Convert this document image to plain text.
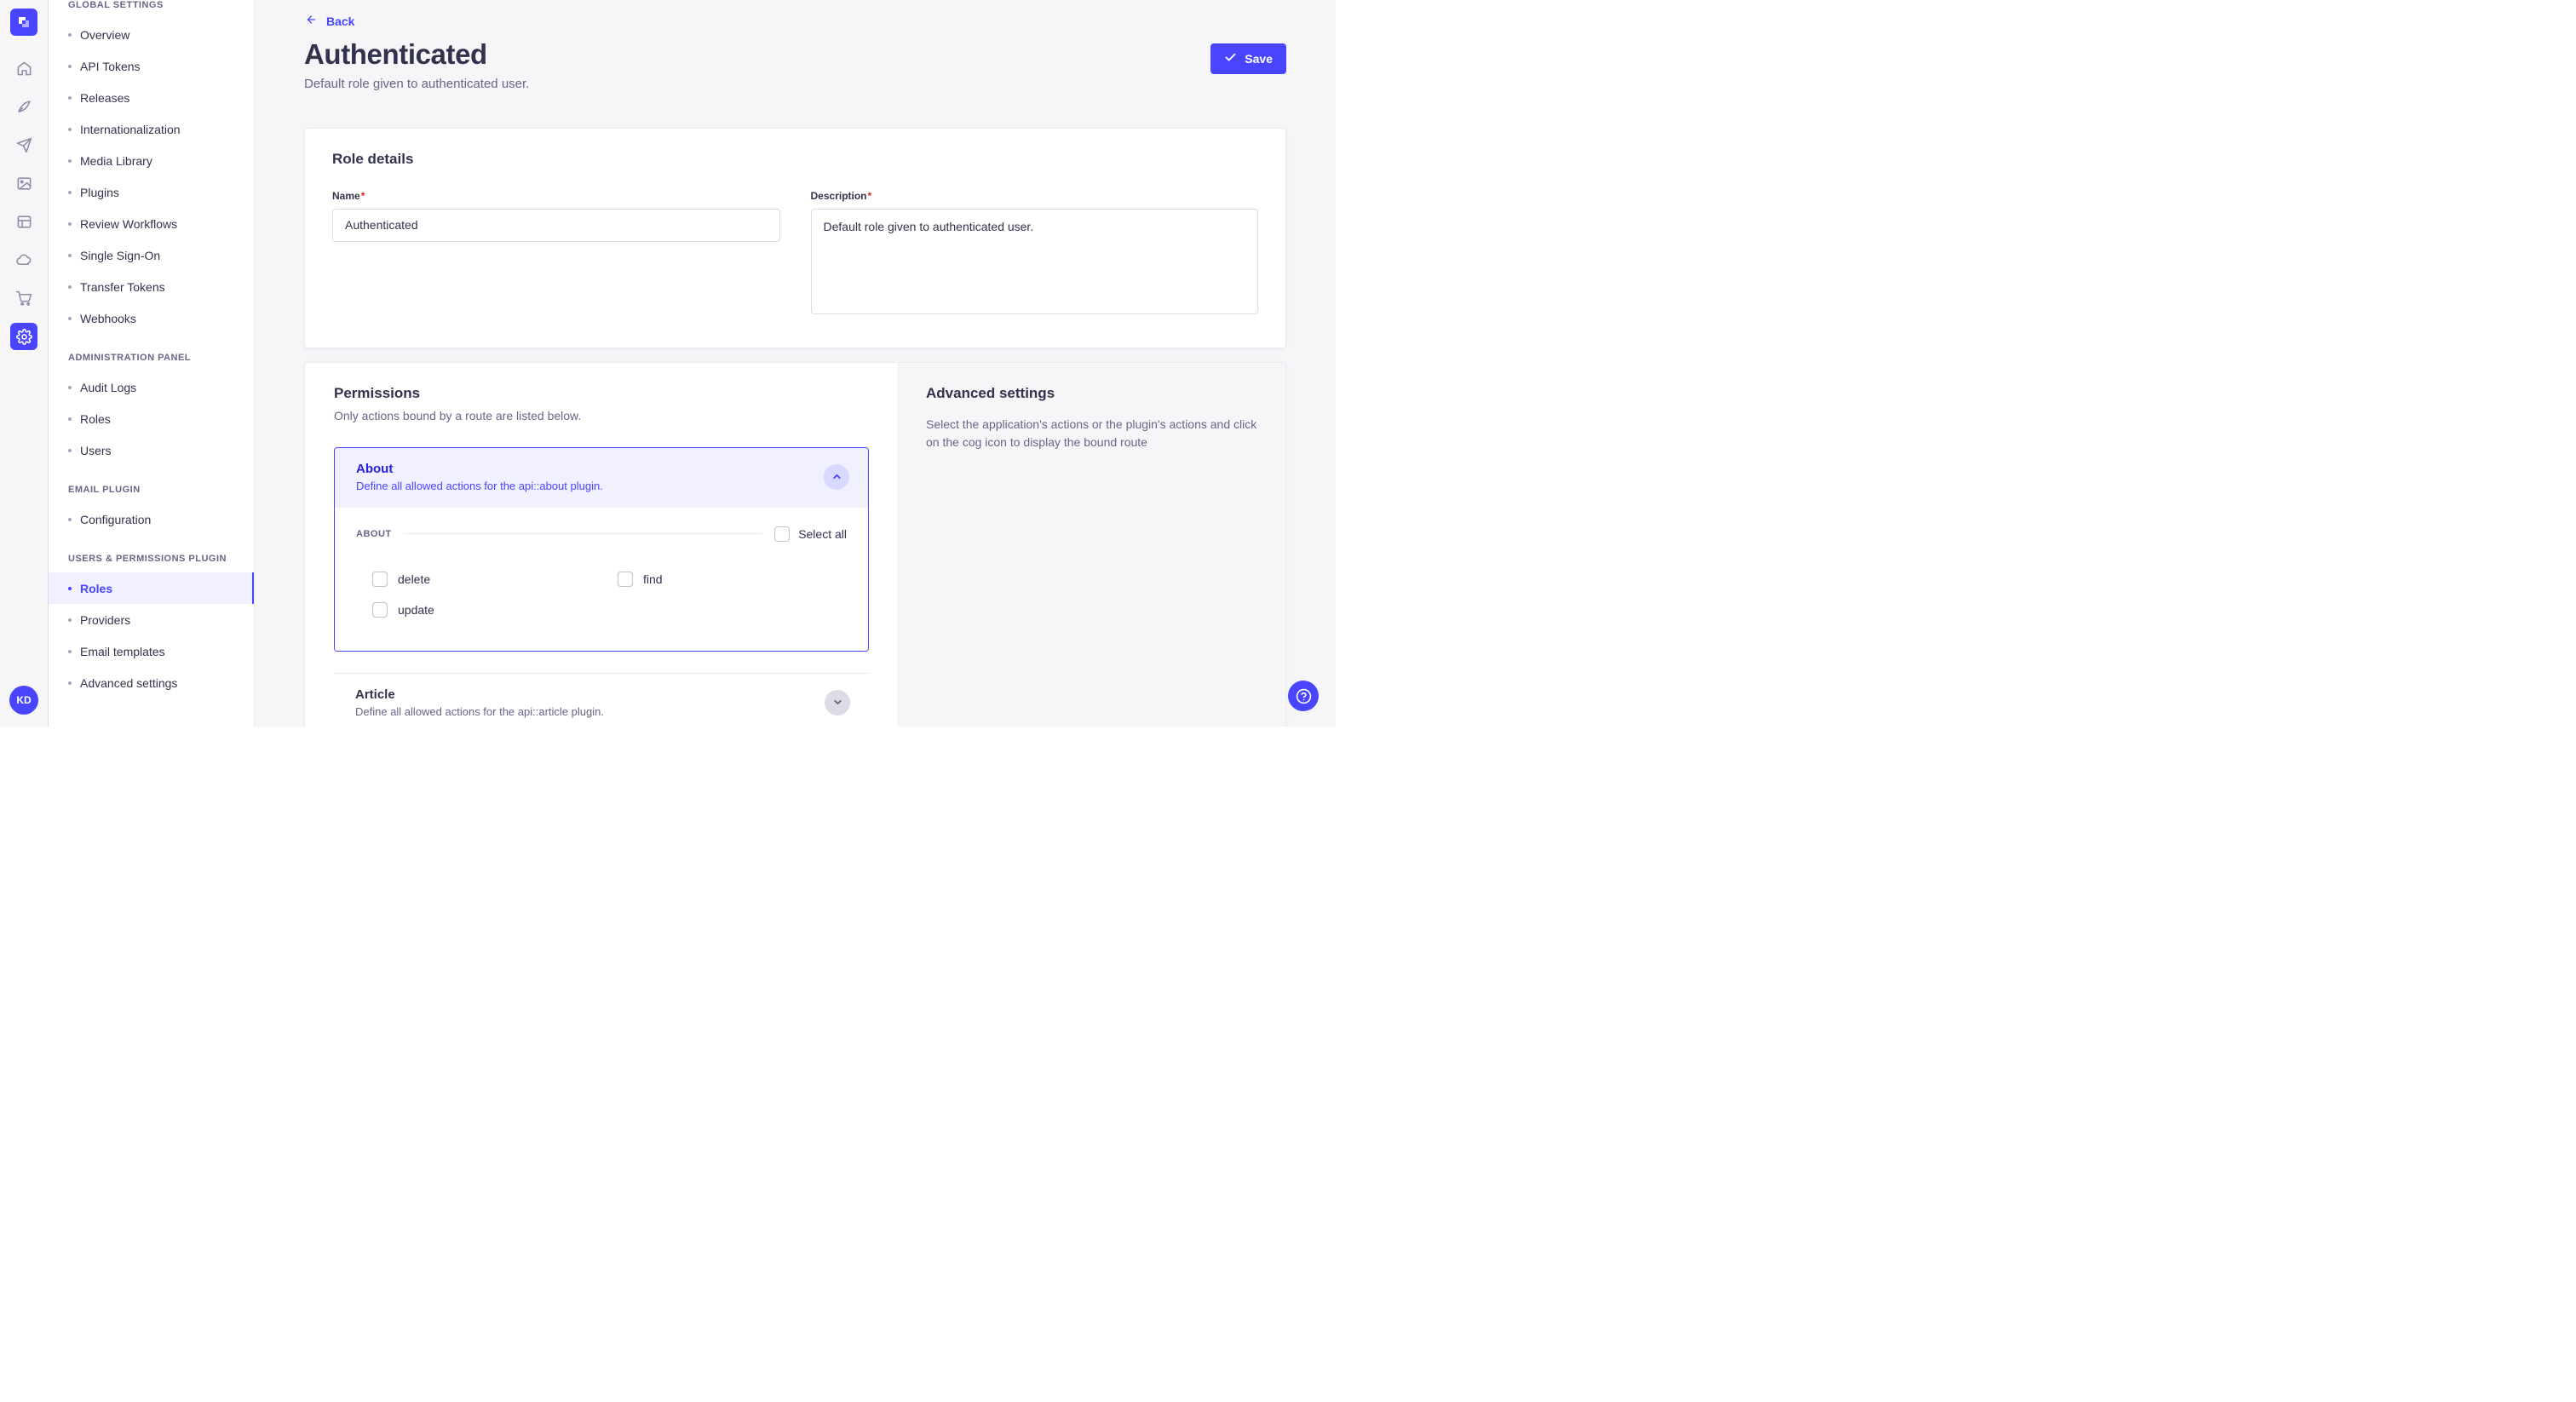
KD
GLOBAL SETTINGS
Overview
API Tokens
Releases
Internationalization
Media Library
Plugins
Review Workflows
Single Sign-On
Transfer Tokens
Webhooks
ADMINISTRATION PANEL
Audit Logs
Roles
Users
EMAIL PLUGIN
Configuration
USERS & PERMISSIONS PLUGIN
Roles
Providers
Email templates
Advanced settings
Back
Authenticated
Default role given to authenticated user.
Save
Role details
Name*
Authenticated	Description*
Default role given to authenticated user.
Permissions
Only actions bound by a route are listed below.
About
Define all allowed actions for the api::about plugin.
ABOUT	Select all
delete	find
update
Article
Define all allowed actions for the api::article plugin.
Advanced settings
Select the application's actions or the plugin's actions and click on the cog icon to display the bound route
